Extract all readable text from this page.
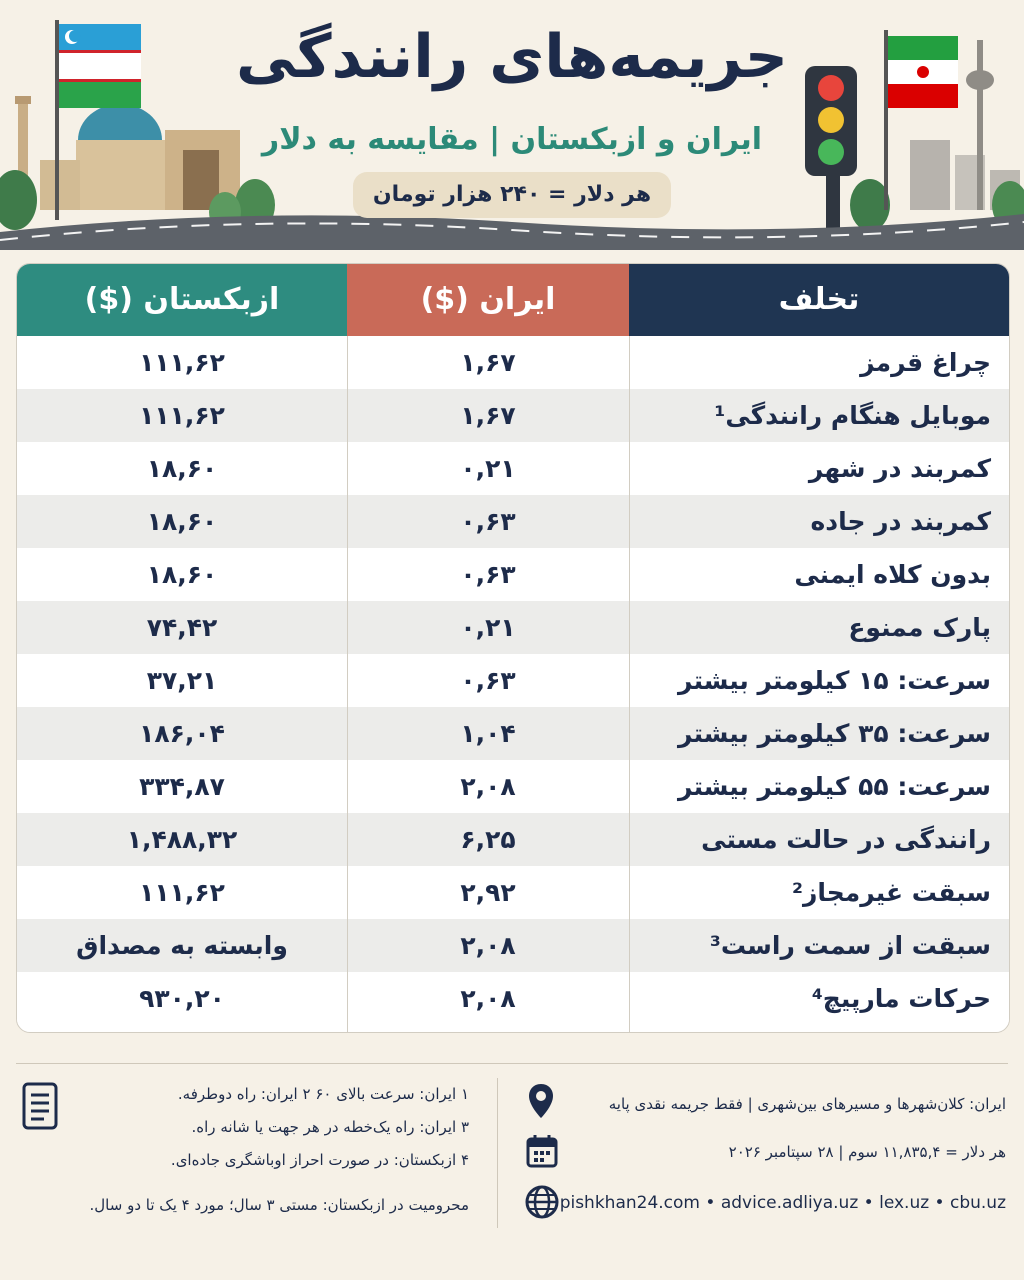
جریمه‌های رانندگی
ایران و ازبکستان | مقایسه به دلار
هر دلار = ۲۴۰ هزار تومان
ازبکستان ($)	ایران ($)	تخلف
۱۱۱,۶۲	۱,۶۷	چراغ قرمز
۱۱۱,۶۲	۱,۶۷	موبایل هنگام رانندگی¹
۱۸,۶۰	۰,۲۱	کمربند در شهر
۱۸,۶۰	۰,۶۳	کمربند در جاده
۱۸,۶۰	۰,۶۳	بدون کلاه ایمنی
۷۴,۴۲	۰,۲۱	پارک ممنوع
۳۷,۲۱	۰,۶۳	سرعت: ۱۵ کیلومتر بیشتر
۱۸۶,۰۴	۱,۰۴	سرعت: ۳۵ کیلومتر بیشتر
۳۳۴,۸۷	۲,۰۸	سرعت: ۵۵ کیلومتر بیشتر
۱,۴۸۸,۳۲	۶,۲۵	رانندگی در حالت مستی
۱۱۱,۶۲	۲,۹۲	سبقت غیرمجاز²
وابسته به مصداق	۲,۰۸	سبقت از سمت راست³
۹۳۰,۲۰	۲,۰۸	حرکات مارپیچ⁴
۱ ایران: سرعت بالای ۶۰ ۲ ایران: راه دوطرفه.
۳ ایران: راه یک‌خطه در هر جهت یا شانه راه.
۴ ازبکستان: در صورت احراز اوباشگری جاده‌ای.
محرومیت در ازبکستان: مستی ۳ سال؛ مورد ۴ یک تا دو سال.
ایران: کلان‌شهرها و مسیرهای بین‌شهری | فقط جریمه نقدی پایه
هر دلار = ۱۱,۸۳۵,۴ سوم | ۲۸ سپتامبر ۲۰۲۶
pishkhan24.com • advice.adliya.uz • lex.uz • cbu.uz
